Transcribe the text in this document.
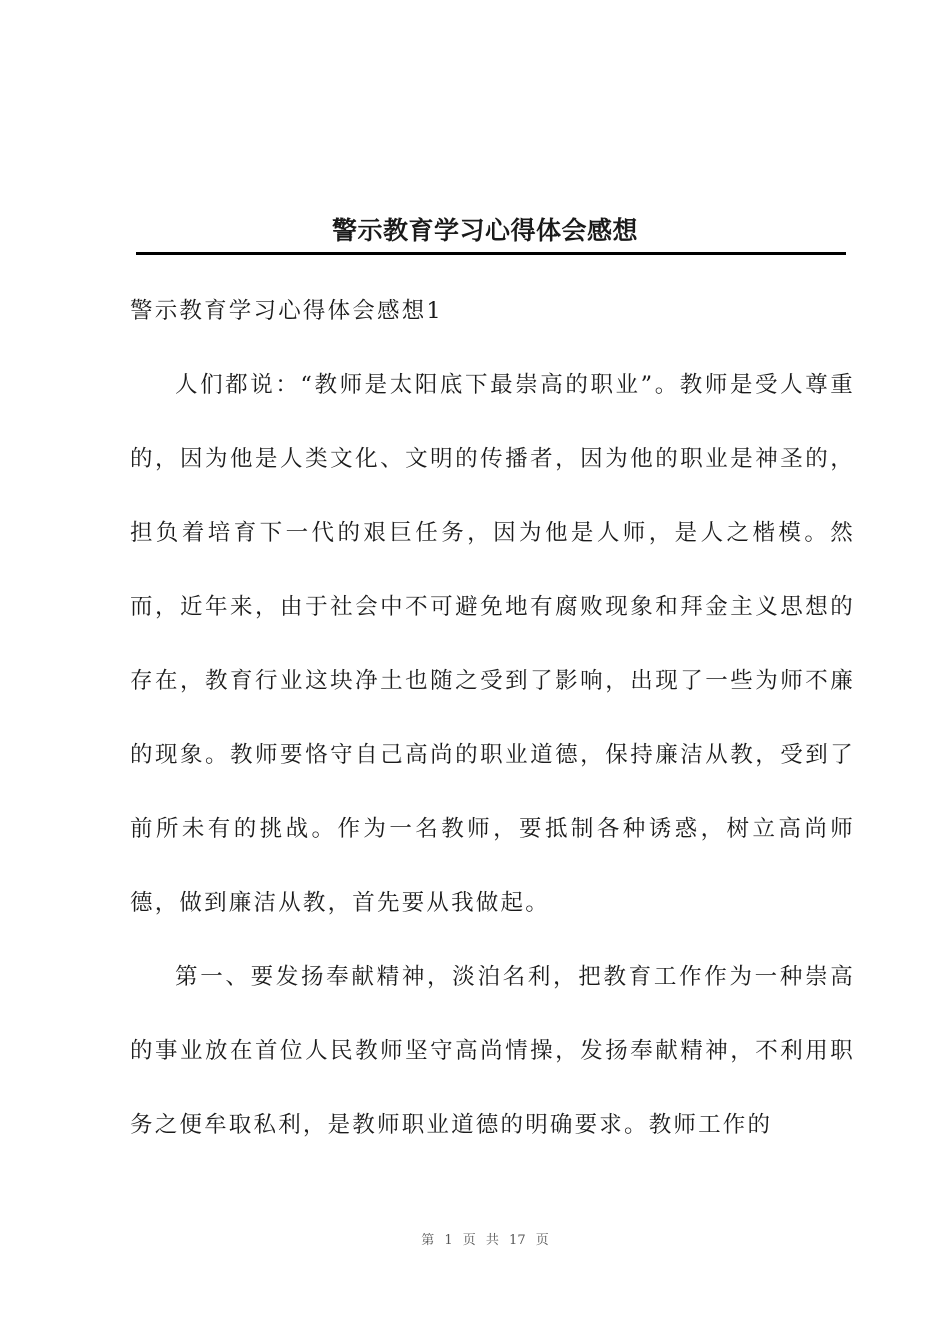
警示教育学习心得体会感想

警示教育学习心得体会感想1

人们都说：“教师是太阳底下最崇高的职业”。教师是受人尊重的，因为他是人类文化、文明的传播者，因为他的职业是神圣的，担负着培育下一代的艰巨任务，因为他是人师，是人之楷模。然而，近年来，由于社会中不可避免地有腐败现象和拜金主义思想的存在，教育行业这块净土也随之受到了影响，出现了一些为师不廉的现象。教师要恪守自己高尚的职业道德，保持廉洁从教，受到了前所未有的挑战。作为一名教师，要抵制各种诱惑，树立高尚师德，做到廉洁从教，首先要从我做起。

第一、要发扬奉献精神，淡泊名利，把教育工作作为一种崇高的事业放在首位人民教师坚守高尚情操，发扬奉献精神，不利用职务之便牟取私利，是教师职业道德的明确要求。教师工作的

第 1 页 共 17 页
